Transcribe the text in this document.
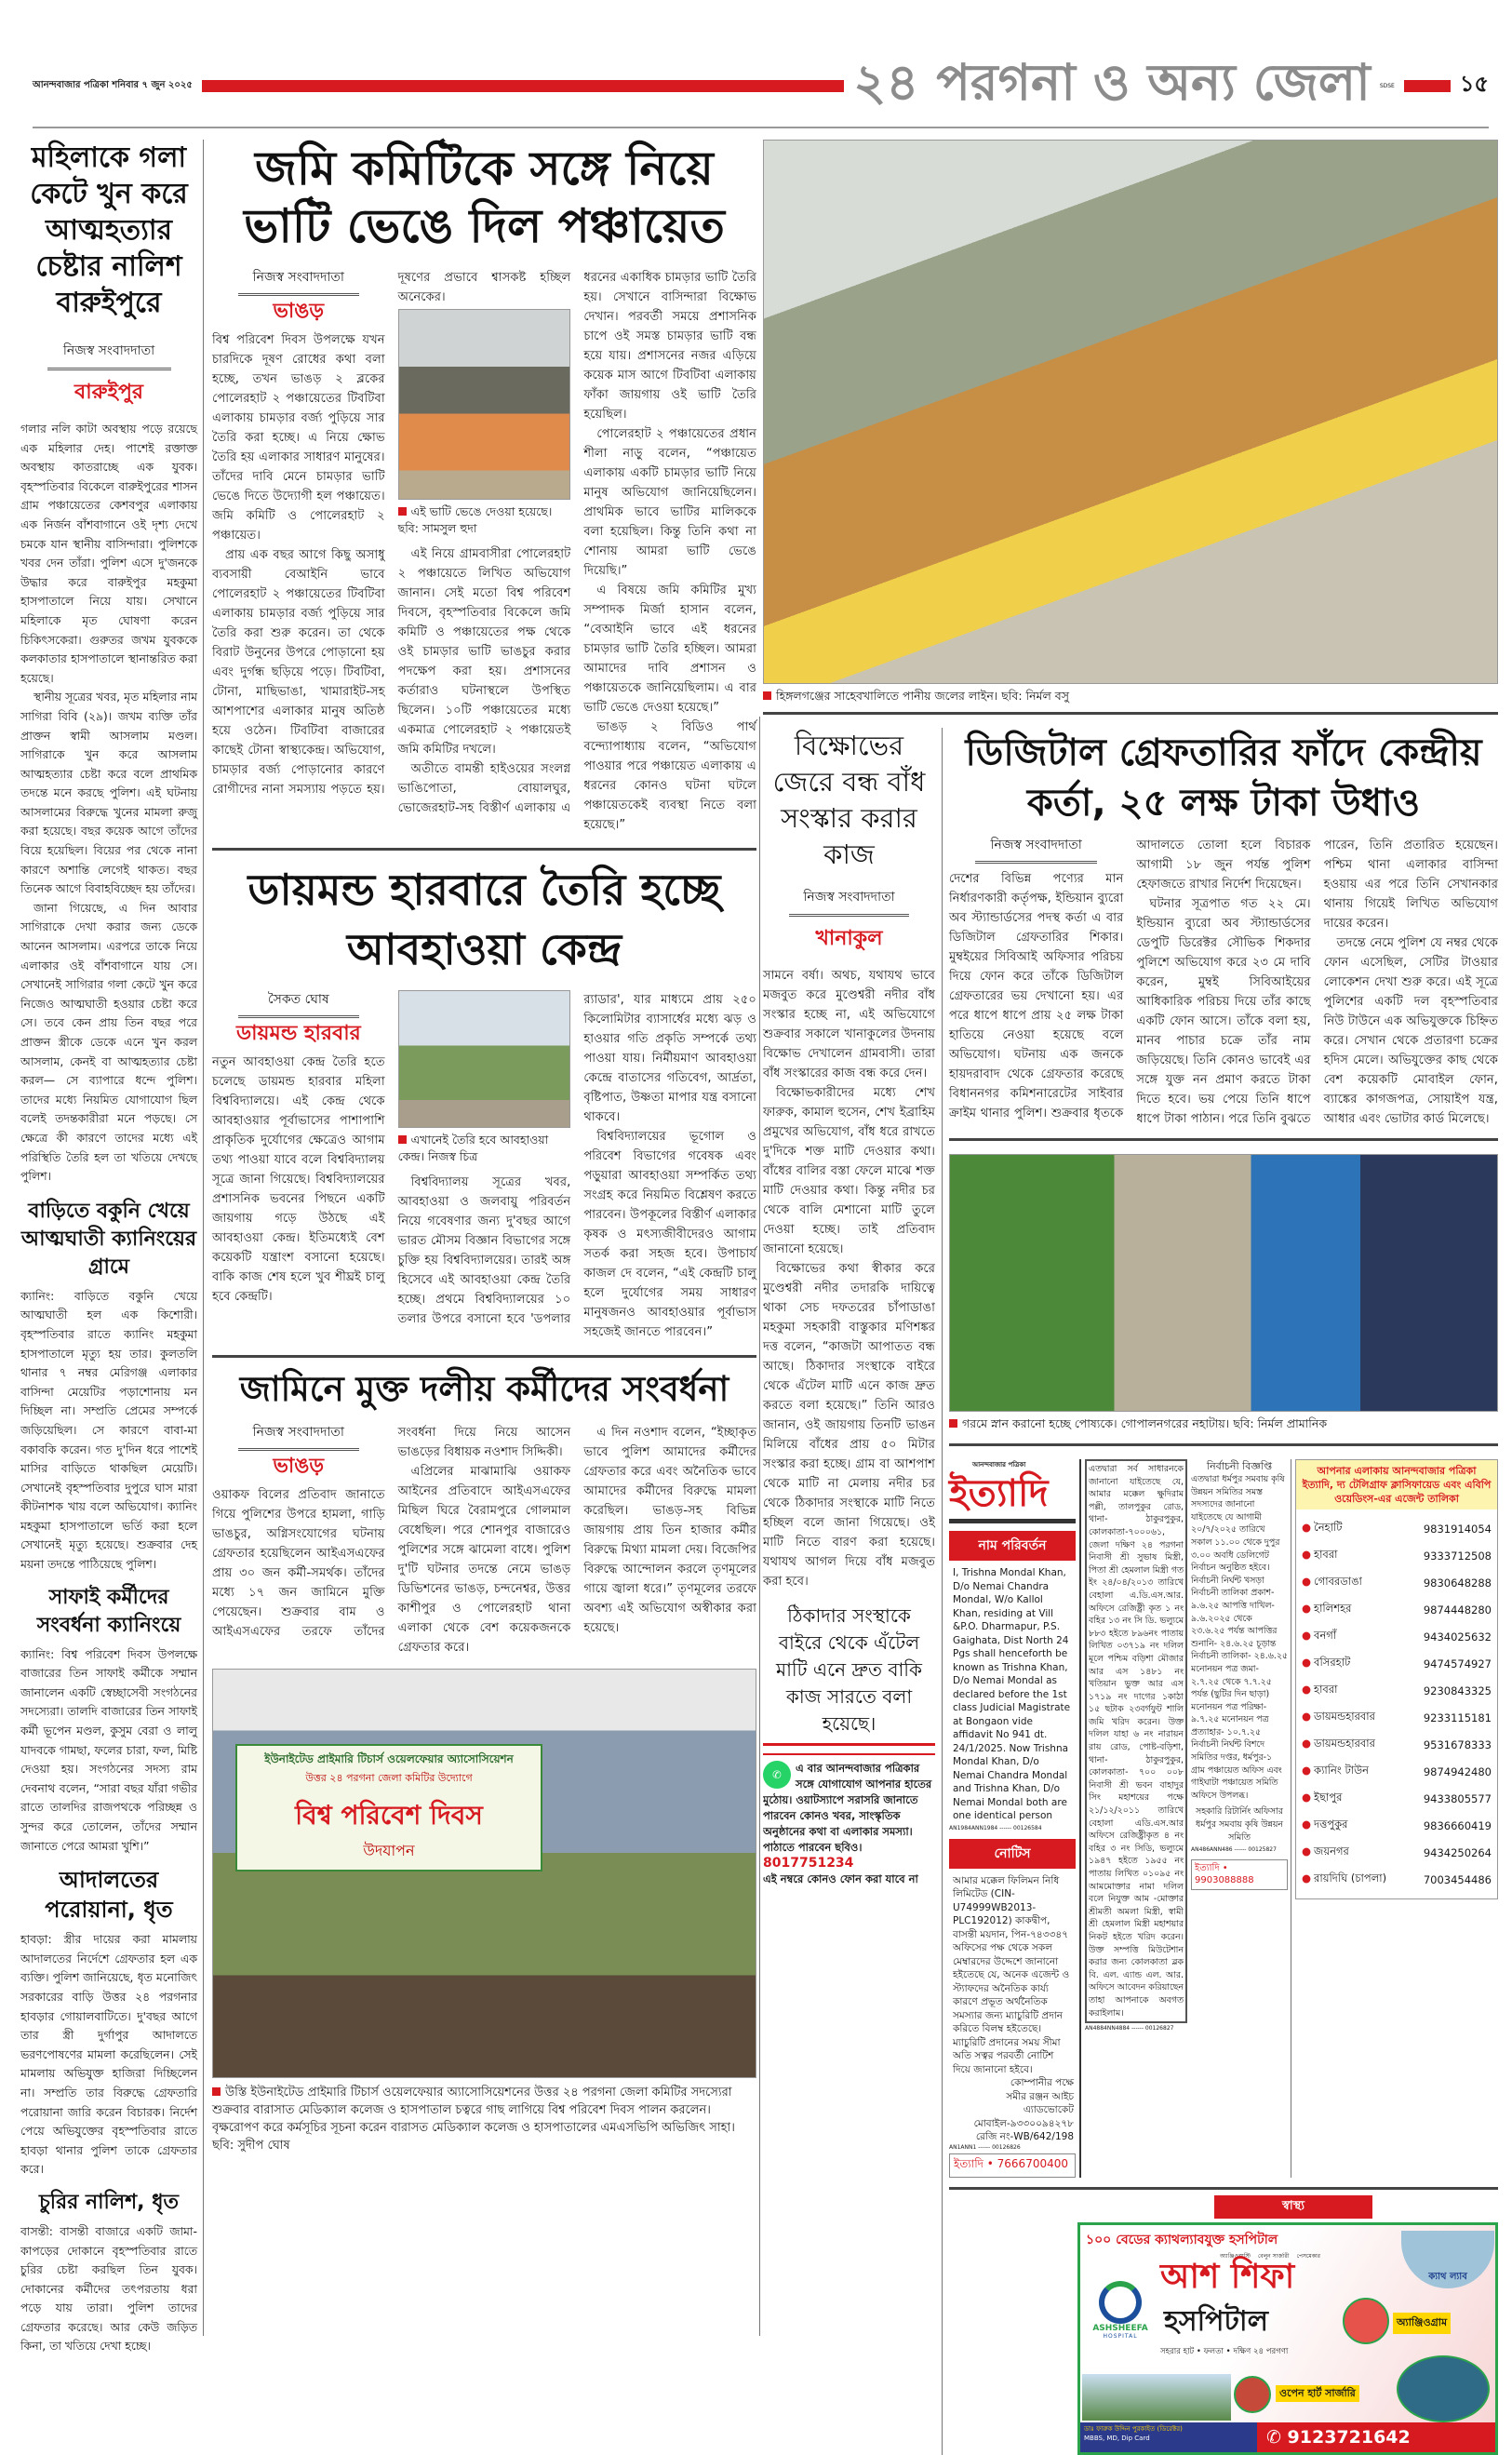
আনন্দবাজার পত্রিকা শনিবার ৭ জুন ২০২৫	২৪ পরগনা ও অন্য জেলা SDSE	১৫
মহিলাকে গলা কেটে খুন করে আত্মহত্যার চেষ্টার নালিশ বারুইপুরে
নিজস্ব সংবাদদাতা
বারুইপুর

গলার নলি কাটা অবস্থায় পড়ে রয়েছে এক মহিলার দেহ। পাশেই রক্তাক্ত অবস্থায় কাতরাচ্ছে এক যুবক। বৃহস্পতিবার বিকেলে বারুইপুরের শাসন গ্রাম পঞ্চায়েতের কেশবপুর এলাকায় এক নির্জন বাঁশবাগানে ওই দৃশ্য দেখে চমকে যান স্থানীয় বাসিন্দারা। পুলিশকে খবর দেন তাঁরা। পুলিশ এসে দু'জনকে উদ্ধার করে বারুইপুর মহকুমা হাসপাতালে নিয়ে যায়। সেখানে মহিলাকে মৃত ঘোষণা করেন চিকিৎসকেরা। গুরুতর জখম যুবককে কলকাতার হাসপাতালে স্থানান্তরিত করা হয়েছে।

স্থানীয় সূত্রের খবর, মৃত মহিলার নাম সাগিরা বিবি (২৯)। জখম ব্যক্তি তাঁর প্রাক্তন স্বামী আসলাম মণ্ডল। সাগিরাকে খুন করে আসলাম আত্মহত্যার চেষ্টা করে বলে প্রাথমিক তদন্তে মনে করছে পুলিশ। এই ঘটনায় আসলামের বিরুদ্ধে খুনের মামলা রুজু করা হয়েছে। বছর কয়েক আগে তাঁদের বিয়ে হয়েছিল। বিয়ের পর থেকে নানা কারণে অশান্তি লেগেই থাকত। বছর তিনেক আগে বিবাহবিচ্ছেদ হয় তাঁদের।

জানা গিয়েছে, এ দিন আবার সাগিরাকে দেখা করার জন্য ডেকে আনেন আসলাম। এরপরে তাকে নিয়ে এলাকার ওই বাঁশবাগানে যায় সে। সেখানেই সাগিরার গলা কেটে খুন করে নিজেও আত্মঘাতী হওয়ার চেষ্টা করে সে। তবে কেন প্রায় তিন বছর পরে প্রাক্তন স্ত্রীকে ডেকে এনে খুন করল আসলাম, কেনই বা আত্মহত্যার চেষ্টা করল— সে ব্যাপারে ধন্দে পুলিশ। তাদের মধ্যে নিয়মিত যোগাযোগ ছিল বলেই তদন্তকারীরা মনে পড়ছে। সে ক্ষেত্রে কী কারণে তাদের মধ্যে এই পরিস্থিতি তৈরি হল তা খতিয়ে দেখছে পুলিশ।

বাড়িতে বকুনি খেয়ে আত্মঘাতী ক্যানিংয়ের গ্রামে

ক্যানিং: বাড়িতে বকুনি খেয়ে আত্মঘাতী হল এক কিশোরী। বৃহস্পতিবার রাতে ক্যানিং মহকুমা হাসপাতালে মৃত্যু হয় তার। কুলতলি থানার ৭ নম্বর মেরিগঞ্জ এলাকার বাসিন্দা মেয়েটির পড়াশোনায় মন দিচ্ছিল না। সম্প্রতি প্রেমের সম্পর্কে জড়িয়েছিল। সে কারণে বাবা-মা বকাবকি করেন। গত দু'দিন ধরে পাশেই মাসির বাড়িতে থাকছিল মেয়েটি। সেখানেই বৃহস্পতিবার দুপুরে ঘাস মারা কীটনাশক খায় বলে অভিযোগ। ক্যানিং মহকুমা হাসপাতালে ভর্তি করা হলে সেখানেই মৃত্যু হয়েছে। শুক্রবার দেহ ময়না তদন্তে পাঠিয়েছে পুলিশ।

সাফাই কর্মীদের সংবর্ধনা ক্যানিংয়ে

ক্যানিং: বিশ্ব পরিবেশ দিবস উপলক্ষে বাজারের তিন সাফাই কর্মীকে সম্মান জানালেন একটি স্বেচ্ছাসেবী সংগঠনের সদস্যেরা। তালদি বাজারের তিন সাফাই কর্মী ভূপেন মণ্ডল, কুসুম বেরা ও লালু যাদবকে গামছা, ফলের চারা, ফল, মিষ্টি দেওয়া হয়। সংগঠনের সদস্য রাম দেবনাথ বলেন, “সারা বছর যাঁরা গভীর রাতে তালদির রাজপথকে পরিচ্ছন্ন ও সুন্দর করে তোলেন, তাঁদের সম্মান জানাতে পেরে আমরা খুশি।”

আদালতের পরোয়ানা, ধৃত

হাবড়া: স্ত্রীর দায়ের করা মামলায় আদালতের নির্দেশে গ্রেফতার হল এক ব্যক্তি। পুলিশ জানিয়েছে, ধৃত মনোজিৎ সরকারের বাড়ি উত্তর ২৪ পরগনার হাবড়ার গোয়ালবাটিতে। দু'বছর আগে তার স্ত্রী দুর্গাপুর আদালতে ভরণপোষণের মামলা করেছিলেন। সেই মামলায় অভিযুক্ত হাজিরা দিচ্ছিলেন না। সম্প্রতি তার বিরুদ্ধে গ্রেফতারি পরোয়ানা জারি করেন বিচারক। নির্দেশ পেয়ে অভিযুক্তের বৃহস্পতিবার রাতে হাবড়া থানার পুলিশ তাকে গ্রেফতার করে।

চুরির নালিশ, ধৃত

বাসন্তী: বাসন্তী বাজারে একটি জামা-কাপড়ের দোকানে বৃহস্পতিবার রাতে চুরির চেষ্টা করছিল তিন যুবক। দোকানের কর্মীদের তৎপরতায় ধরা পড়ে যায় তারা। পুলিশ তাদের গ্রেফতার করেছে। আর কেউ জড়িত কিনা, তা খতিয়ে দেখা হচ্ছে।

জমি কমিটিকে সঙ্গে নিয়ে ভাটি ভেঙে দিল পঞ্চায়েত
নিজস্ব সংবাদদাতা
ভাঙড়

বিশ্ব পরিবেশ দিবস উপলক্ষে যখন চারদিকে দূষণ রোধের কথা বলা হচ্ছে, তখন ভাঙড় ২ ব্লকের পোলেরহাট ২ পঞ্চায়েতের টিবটিবা এলাকায় চামড়ার বর্জ্য পুড়িয়ে সার তৈরি করা হচ্ছে। এ নিয়ে ক্ষোভ তৈরি হয় এলাকার সাধারণ মানুষের। তাঁদের দাবি মেনে চামড়ার ভাটি ভেঙে দিতে উদ্যোগী হল পঞ্চায়েত। জমি কমিটি ও পোলেরহাট ২ পঞ্চায়েত।

প্রায় এক বছর আগে কিছু অসাধু ব্যবসায়ী বেআইনি ভাবে পোলেরহাট ২ পঞ্চায়েতের টিবটিবা এলাকায় চামড়ার বর্জ্য পুড়িয়ে সার তৈরি করা শুরু করেন। তা থেকে বিরাট উনুনের উপরে পোড়ানো হয় এবং দুর্গন্ধ ছড়িয়ে পড়ে। টিবটিবা, টোনা, মাছিভাঙা, খামারাইট-সহ আশপাশের এলাকার মানুষ অতিষ্ঠ হয়ে ওঠেন। টিবটিবা বাজারের কাছেই টোনা স্বাস্থ্যকেন্দ্র। অভিযোগ, চামড়ার বর্জ্য পোড়ানোর কারণে রোগীদের নানা সমস্যায় পড়তে হয়। দূষণের প্রভাবে শ্বাসকষ্ট হচ্ছিল অনেকের।

এই ভাটি ভেঙে দেওয়া হয়েছে। ছবি: সামসুল হুদা

এই নিয়ে গ্রামবাসীরা পোলেরহাট ২ পঞ্চায়েতে লিখিত অভিযোগ জানান। সেই মতো বিশ্ব পরিবেশ দিবসে, বৃহস্পতিবার বিকেলে জমি কমিটি ও পঞ্চায়েতের পক্ষ থেকে ওই চামড়ার ভাটি ভাঙচুর করার পদক্ষেপ করা হয়। প্রশাসনের কর্তারাও ঘটনাস্থলে উপস্থিত ছিলেন। ১০টি পঞ্চায়েতের মধ্যে একমাত্র পোলেরহাট ২ পঞ্চায়েতই জমি কমিটির দখলে।

অতীতে বামন্তী হাইওয়ের সংলগ্ন ভাঙিপোতা, বোয়ালঘুর, ভোজেরহাট-সহ বিস্তীর্ণ এলাকায় এ ধরনের একাধিক চামড়ার ভাটি তৈরি হয়। সেখানে বাসিন্দারা বিক্ষোভ দেখান। পরবর্তী সময়ে প্রশাসনিক চাপে ওই সমস্ত চামড়ার ভাটি বন্ধ হয়ে যায়। প্রশাসনের নজর এড়িয়ে কয়েক মাস আগে টিবটিবা এলাকায় ফাঁকা জায়গায় ওই ভাটি তৈরি হয়েছিল।

পোলেরহাট ২ পঞ্চায়েতের প্রধান শীলা নাড়ু বলেন, “পঞ্চায়েত এলাকায় একটি চামড়ার ভাটি নিয়ে মানুষ অভিযোগ জানিয়েছিলেন। প্রাথমিক ভাবে ভাটির মালিককে বলা হয়েছিল। কিন্তু তিনি কথা না শোনায় আমরা ভাটি ভেঙে দিয়েছি।”

এ বিষয়ে জমি কমিটির মুখ্য সম্পাদক মির্জা হাসান বলেন, “বেআইনি ভাবে এই ধরনের চামড়ার ভাটি তৈরি হচ্ছিল। আমরা আমাদের দাবি প্রশাসন ও পঞ্চায়েতকে জানিয়েছিলাম। এ বার ভাটি ভেঙে দেওয়া হয়েছে।”

ভাঙড় ২ বিডিও পার্থ বন্দ্যোপাধ্যায় বলেন, “অভিযোগ পাওয়ার পরে পঞ্চায়েত এলাকায় এ ধরনের কোনও ঘটনা ঘটলে পঞ্চায়েতকেই ব্যবস্থা নিতে বলা হয়েছে।”

ডায়মন্ড হারবারে তৈরি হচ্ছে আবহাওয়া কেন্দ্র
সৈকত ঘোষ
ডায়মন্ড হারবার

নতুন আবহাওয়া কেন্দ্র তৈরি হতে চলেছে ডায়মন্ড হারবার মহিলা বিশ্ববিদ্যালয়ে। এই কেন্দ্র থেকে আবহাওয়ার পূর্বাভাসের পাশাপাশি প্রাকৃতিক দুর্যোগের ক্ষেত্রেও আগাম তথ্য পাওয়া যাবে বলে বিশ্ববিদ্যালয় সূত্রে জানা গিয়েছে। বিশ্ববিদ্যালয়ের প্রশাসনিক ভবনের পিছনে একটি জায়গায় গড়ে উঠছে এই আবহাওয়া কেন্দ্র। ইতিমধ্যেই বেশ কয়েকটি যন্ত্রাংশ বসানো হয়েছে। বাকি কাজ শেষ হলে খুব শীঘ্রই চালু হবে কেন্দ্রটি।

এখানেই তৈরি হবে আবহাওয়া কেন্দ্র। নিজস্ব চিত্র

বিশ্ববিদ্যালয় সূত্রের খবর, আবহাওয়া ও জলবায়ু পরিবর্তন নিয়ে গবেষণার জন্য দু'বছর আগে ভারত মৌসম বিজ্ঞান বিভাগের সঙ্গে চুক্তি হয় বিশ্ববিদ্যালয়ের। তারই অঙ্গ হিসেবে এই আবহাওয়া কেন্দ্র তৈরি হচ্ছে। প্রথমে বিশ্ববিদ্যালয়ের ১০ তলার উপরে বসানো হবে 'ডপলার র‍্যাডার', যার মাধ্যমে প্রায় ২৫০ কিলোমিটার ব্যাসার্ধের মধ্যে ঝড় ও হাওয়ার গতি প্রকৃতি সম্পর্কে তথ্য পাওয়া যায়। নির্মীয়মাণ আবহাওয়া কেন্দ্রে বাতাসের গতিবেগ, আর্দ্রতা, বৃষ্টিপাত, উষ্ণতা মাপার যন্ত্র বসানো থাকবে।

বিশ্ববিদ্যালয়ের ভূগোল ও পরিবেশ বিভাগের গবেষক এবং পড়ুয়ারা আবহাওয়া সম্পর্কিত তথ্য সংগ্রহ করে নিয়মিত বিশ্লেষণ করতে পারবেন। উপকূলের বিস্তীর্ণ এলাকার কৃষক ও মৎস্যজীবীদেরও আগাম সতর্ক করা সহজ হবে। উপাচার্য কাজল দে বলেন, “এই কেন্দ্রটি চালু হলে দুর্যোগের সময় সাধারণ মানুষজনও আবহাওয়ার পূর্বাভাস সহজেই জানতে পারবেন।”

জামিনে মুক্ত দলীয় কর্মীদের সংবর্ধনা
নিজস্ব সংবাদদাতা
ভাঙড়

ওয়াকফ বিলের প্রতিবাদ জানাতে গিয়ে পুলিশের উপরে হামলা, গাড়ি ভাঙচুর, অগ্নিসংযোগের ঘটনায় গ্রেফতার হয়েছিলেন আইএসএফের প্রায় ৩০ জন কর্মী-সমর্থক। তাঁদের মধ্যে ১৭ জন জামিনে মুক্তি পেয়েছেন। শুক্রবার বাম ও আইএসএফের তরফে তাঁদের সংবর্ধনা দিয়ে নিয়ে আসেন ভাঙড়ের বিধায়ক নওশাদ সিদ্দিকী।

এপ্রিলের মাঝামাঝি ওয়াকফ আইনের প্রতিবাদে আইএসএফের মিছিল ঘিরে বৈরামপুরে গোলমাল বেধেছিল। পরে শোনপুর বাজারেও পুলিশের সঙ্গে ঝামেলা বাধে। পুলিশ দু'টি ঘটনার তদন্তে নেমে ভাঙড় ডিভিশনের ভাঙড়, চন্দনেশ্বর, উত্তর কাশীপুর ও পোলেরহাট থানা এলাকা থেকে বেশ কয়েকজনকে গ্রেফতার করে।

এ দিন নওশাদ বলেন, “ইচ্ছাকৃত ভাবে পুলিশ আমাদের কর্মীদের গ্রেফতার করে এবং অনৈতিক ভাবে আমাদের কর্মীদের বিরুদ্ধে মামলা করেছিল। ভাঙড়-সহ বিভিন্ন জায়গায় প্রায় তিন হাজার কর্মীর বিরুদ্ধে মিথ্যা মামলা দেয়। বিজেপির বিরুদ্ধে আন্দোলন করলে তৃণমূলের গায়ে জ্বালা ধরে।” তৃণমূলের তরফে অবশ্য এই অভিযোগ অস্বীকার করা হয়েছে।

ইউনাইটেড প্রাইমারি টিচার্স ওয়েলফেয়ার অ্যাসোসিয়েশন
উত্তর ২৪ পরগনা জেলা কমিটির উদ্যোগে
বিশ্ব পরিবেশ দিবস
উদযাপন
উস্তি ইউনাইটেড প্রাইমারি টিচার্স ওয়েলফেয়ার অ্যাসোসিয়েশনের উত্তর ২৪ পরগনা জেলা কমিটির সদস্যেরা শুক্রবার বারাসাত মেডিক্যাল কলেজ ও হাসপাতাল চত্বরে গাছ লাগিয়ে বিশ্ব পরিবেশ দিবস পালন করলেন। বৃক্ষরোপণ করে কর্মসূচির সূচনা করেন বারাসত মেডিক্যাল কলেজ ও হাসপাতালের এমএসভিপি অভিজিৎ সাহা। ছবি: সুদীপ ঘোষ
হিঙ্গলগঞ্জের সাহেবখালিতে পানীয় জলের লাইন। ছবি: নির্মল বসু
বিক্ষোভের জেরে বন্ধ বাঁধ সংস্কার করার কাজ
নিজস্ব সংবাদদাতা
খানাকুল

সামনে বর্ষা। অথচ, যথাযথ ভাবে মজবুত করে মুণ্ডেশ্বরী নদীর বাঁধ সংস্কার হচ্ছে না, এই অভিযোগে শুক্রবার সকালে খানাকুলের উদনায় বিক্ষোভ দেখালেন গ্রামবাসী। তারা বাঁধ সংস্কারের কাজ বন্ধ করে দেন।

বিক্ষোভকারীদের মধ্যে শেখ ফারুক, কামাল হুসেন, শেখ ইব্রাহিম প্রমুখের অভিযোগ, বাঁধ ধরে রাখতে দু'দিকে শক্ত মাটি দেওয়ার কথা। বাঁধের বালির বস্তা ফেলে মাঝে শক্ত মাটি দেওয়ার কথা। কিন্তু নদীর চর থেকে বালি মেশানো মাটি তুলে দেওয়া হচ্ছে। তাই প্রতিবাদ জানানো হয়েছে।

বিক্ষোভের কথা স্বীকার করে মুণ্ডেশ্বরী নদীর তদারকি দায়িত্বে থাকা সেচ দফতরের চাঁপাডাঙা মহকুমা সহকারী বাস্তুকার মণিশঙ্কর দত্ত বলেন, “কাজটা আপাতত বন্ধ আছে। ঠিকাদার সংস্থাকে বাইরে থেকে এঁটেল মাটি এনে কাজ দ্রুত করতে বলা হয়েছে।” তিনি আরও জানান, ওই জায়গায় তিনটি ভাঙন মিলিয়ে বাঁধের প্রায় ৫০ মিটার সংস্কার করা হচ্ছে। গ্রাম বা আশপাশ থেকে মাটি না মেলায় নদীর চর থেকে ঠিকাদার সংস্থাকে মাটি নিতে হচ্ছিল বলে জানা গিয়েছে। ওই মাটি নিতে বারণ করা হয়েছে। যথাযথ আগল দিয়ে বাঁধ মজবুত করা হবে।

ঠিকাদার সংস্থাকে বাইরে থেকে এঁটেল মাটি এনে দ্রুত বাকি কাজ সারতে বলা হয়েছে।
✆	এ বার আনন্দবাজার পত্রিকার সঙ্গে যোগাযোগ আপনার হাতের মুঠোয়। ওয়াটস্যাপে সরাসরি জানাতে পারবেন কোনও খবর, সাংস্কৃতিক অনুষ্ঠানের কথা বা এলাকার সমস্যা। পাঠাতে পারবেন ছবিও।
8017751234
এই নম্বরে কোনও ফোন করা যাবে না
ডিজিটাল গ্রেফতারির ফাঁদে কেন্দ্রীয় কর্তা, ২৫ লক্ষ টাকা উধাও
নিজস্ব সংবাদদাতা

দেশের বিভিন্ন পণ্যের মান নির্ধারণকারী কর্তৃপক্ষ, ইন্ডিয়ান ব্যুরো অব স্ট্যান্ডার্ডসের পদস্থ কর্তা এ বার ডিজিটাল গ্রেফতারির শিকার। মুম্বইয়ের সিবিআই অফিসার পরিচয় দিয়ে ফোন করে তাঁকে ডিজিটাল গ্রেফতারের ভয় দেখানো হয়। এর পরে ধাপে ধাপে প্রায় ২৫ লক্ষ টাকা হাতিয়ে নেওয়া হয়েছে বলে অভিযোগ। ঘটনায় এক জনকে হায়দরাবাদ থেকে গ্রেফতার করেছে বিধাননগর কমিশনারেটের সাইবার ক্রাইম থানার পুলিশ। শুক্রবার ধৃতকে আদালতে তোলা হলে বিচারক আগামী ১৮ জুন পর্যন্ত পুলিশ হেফাজতে রাখার নির্দেশ দিয়েছেন।

ঘটনার সূত্রপাত গত ২২ মে। ইন্ডিয়ান ব্যুরো অব স্ট্যান্ডার্ডসের ডেপুটি ডিরেক্টর সৌভিক শিকদার পুলিশে অভিযোগ করে ২৩ মে দাবি করেন, মুম্বই সিবিআইয়ের আধিকারিক পরিচয় দিয়ে তাঁর কাছে একটি ফোন আসে। তাঁকে বলা হয়, মানব পাচার চক্রে তাঁর নাম জড়িয়েছে। তিনি কোনও ভাবেই এর সঙ্গে যুক্ত নন প্রমাণ করতে টাকা দিতে হবে। ভয় পেয়ে তিনি ধাপে ধাপে টাকা পাঠান। পরে তিনি বুঝতে পারেন, তিনি প্রতারিত হয়েছেন। পশ্চিম থানা এলাকার বাসিন্দা হওয়ায় এর পরে তিনি সেখানকার থানায় গিয়েই লিখিত অভিযোগ দায়ের করেন।

তদন্তে নেমে পুলিশ যে নম্বর থেকে ফোন এসেছিল, সেটির টাওয়ার লোকেশন দেখা শুরু করে। এই সূত্রে পুলিশের একটি দল বৃহস্পতিবার নিউ টাউনে এক অভিযুক্তকে চিহ্নিত করে। সেখান থেকে প্রতারণা চক্রের হদিস মেলে। অভিযুক্তের কাছ থেকে বেশ কয়েকটি মোবাইল ফোন, ব্যাঙ্কের কাগজপত্র, সোয়াইপ যন্ত্র, আধার এবং ভোটার কার্ড মিলেছে।

গরমে স্নান করানো হচ্ছে পোষ্যকে। গোপালনগরের নহাটায়। ছবি: নির্মল প্রামানিক
আনন্দবাজার পত্রিকা
ইত্যাদি
নাম পরিবর্তন
I, Trishna Mondal Khan, D/o Nemai Chandra Mondal, W/o Kallol Khan, residing at Vill &P.O. Dharmapur, P.S. Gaighata, Dist North 24 Pgs shall henceforth be known as Trishna Khan, D/o Nemai Mondal as declared before the 1st class Judicial Magistrate at Bongaon vide affidavit No 941 dt. 24/1/2025. Now Trishna Mondal Khan, D/o Nemai Chandra Mondal and Trishna Khan, D/o Nemai Mondal both are one identical person
AN1984ANN1984 ------ 00126584
নোটিস
আমার মক্কেল ফিলিমন নিধি লিমিটেড (CIN-U74999WB2013-PLC192012) কাকদ্বীপ, বাসন্তী ময়দান, পিন-৭৪৩৩৪৭ অফিসের পক্ষ থেকে সকল মেম্বারদের উদ্দেশে জানানো হইতেছে যে, অনেক এজেন্ট ও স্ট্যাফদের অনৈতিক কার্য্য কারণে প্রভূত অর্থনৈতিক সমস্যার জন্য ম্যাচুরিটি প্রদান করিতে বিলম্ব হইতেছে। ম্যাচুরিটি প্রদানের সময় সীমা অতি সত্বর পরবর্তী নোটিশ দিয়ে জানানো হইবে।
কোম্পানীর পক্ষে
সমীর রঞ্জন আইচ
এ্যাডভোকেট
মোবাইল-৯৩৩০০৯৪২৭৮
রেজি নং-WB/642/198
AN1ANN1 ------ 00126826
ইত্যাদি • 7666700400
এতদ্বারা সর্ব সাধারনকে জানানো যাইতেছে যে, আমার মক্কেল ক্ষুদিরাম পল্লী, তালপুকুর রোড, থানা- ঠাকুরপুকুর, কোলকাতা-৭০০০৬১, জেলা দক্ষিণ ২৪ পরগনা নিবাসী শ্রী সুভাষ মিস্ত্রী, পিতা শ্রী হেমলাল মিস্ত্রী গত ইং ২৪/০৪/২০১৩ তারিখে বেহালা এ.ডি.এস.আর. অফিসে রেজিষ্ট্রী কৃত ১ নং বহির ১৩ নং সি ডি. ভল্যুমে ৮৮৩ হইতে ৮৯৬নং পাতায় লিখিত ০৩৭১৯ নং দলিল মূলে পশ্চিম বড়িশা মৌজার আর এস ১৪৮১ নং খতিয়ান ভুক্ত আর এস ১৭১৯ নং দাগের ১কাঠা ১৫ ছটাক ২৩বর্গফুট শালি জমি খরিদ করেন। উক্ত দলিল যাহা ৬ নং নারায়ন রায় রোড, পোষ্ট-বড়িশা, থানা- ঠাকুরপুকুর, কোলকাতা- ৭০০ ০০৮ নিবাসী শ্রী ভবন বাহাদুর সিং মহাশয়ের পক্ষে ২১/১২/২০১১ তারিখে বেহালা এডি.এস.আর অফিসে রেজিষ্ট্রীকৃত ৪ নং বহির ৩ নং সিডি, ভল্যুমে ১৯৪৭ হইতে ১৯৫৫ নং পাতায় লিখিত ০১০৯৫ নং আমমোক্তার নামা দলিল বলে নিযুক্ত আম -মোক্তার শ্রীমতী অমলা মিস্ত্রী, স্বামী শ্রী হেমলাল মিস্ত্রী মহাশয়ার নিকট হইতে খরিদ করেন। উক্ত সম্পত্তি মিউটেশান করার জন্য কোলকাতা ব্লক বি. এল. এ্যান্ড এল. আর. অফিসে আবেদন করিয়াছেন তাহা আপনাকে অবগত করাইলাম।
AN4884NN4884 ------ 00126827
নির্বাচনী বিজ্ঞপ্তি
এতদ্বারা ধর্মপুর সমবায় কৃষি উন্নয়ন সমিতির সমস্ত সদস্যদের জানানো যাইতেছে যে আগামী ২০/৭/২০২৫ তারিখে সকাল ১১.০০ থেকে দুপুর ৩.০০ অবধি ডেলিগেট নির্বাচন অনুষ্ঠিত হইবে। নির্বাচনী নির্ঘন্ট খসড়া নির্বাচনী তালিকা প্রকাশ- ৯.৬.২৫ আপত্তি দাখিল- ৯.৬.২০২৫ থেকে ২৩.৬.২৫ পর্যন্ত আপত্তির শুনানি- ২৪.৬.২৫ চূড়ান্ত নির্বাচনী তালিকা- ২৪.৬.২৫ মনোনয়ন পত্র জমা- ২.৭.২৫ থেকে ৭.৭.২৫ পর্যন্ত (ছুটির দিন ছাড়া) মনোনয়ন পত্র পরিক্ষা- ৯.৭.২৫ মনোনয়ন পত্র প্রত্যাহার- ১০.৭.২৫ নির্বাচনী নির্ঘন্ট বিশদে সমিতির দপ্তর, ধর্মপুর-১ গ্রাম পঞ্চায়েত অফিস এবং গাইঘাটা পঞ্চায়েত সমিতি অফিসে উপলব্ধ।
সহকারি রিটার্নিং অফিসার ধর্মপুর সমবায় কৃষি উন্নয়ন সমিতি
AN486ANN486 ------ 00125827
ইত্যাদি • 9903088888
আপনার এলাকায় আনন্দবাজার পত্রিকা ইত্যাদি, দ্য টেলিগ্রাফ ক্লাসিফায়েড এবং এবিপি ওয়েডিংস-এর এজেন্ট তালিকা
● নৈহাটি	9831914054
● হাবরা	9333712508
● গোবরডাঙা	9830648288
● হালিশহর	9874448280
● বনগাঁ	9434025632
● বসিরহাট	9474574927
● হাবরা	9230843325
● ডায়মন্ডহারবার	9233115181
● ডায়মন্ডহারবার	9531678333
● ক্যানিং টাউন	9874942480
● ইছাপুর	9433805577
● দত্তপুকুর	9836660419
● জয়নগর	9434250264
● রায়দিঘি (চাপলা)	7003454486
স্বাস্থ্য
১০০ বেডের ক্যাথল্যাবযুক্ত হসপিটাল
অ্যাঞ্জিওপ্লাস্টি বেলুন সার্জারী পেসমেকার
ক্যাথ ল্যাব
ASHSHEEFA
HOSPITAL
আশ শিফা
হসপিটাল
সহরার হাট • ফলতা • দক্ষিণ ২৪ পরগণা
অ্যাঞ্জিওগ্রাম
ওপেন হার্ট সার্জারি
ডাঃ ফারুক উদ্দিন পুরকাইত (ডিরেক্টর)
MBBS, MD, Dip Card	✆ 9123721642
